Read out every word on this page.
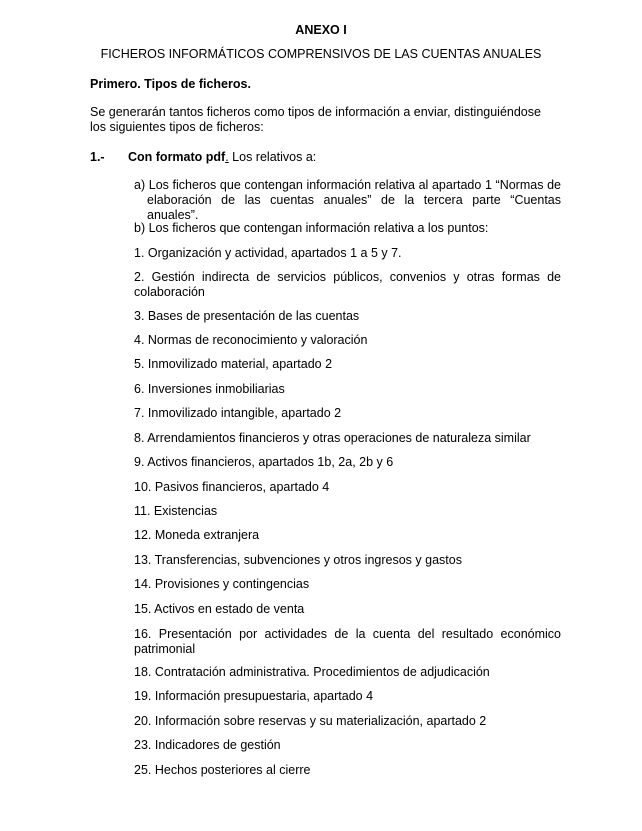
ANEXO I
FICHEROS INFORMÁTICOS COMPRENSIVOS DE LAS CUENTAS ANUALES
Primero. Tipos de ficheros.
Se generarán tantos ficheros como tipos de información a enviar, distinguiéndose los siguientes tipos de ficheros:
1.- Con formato pdf. Los relativos a:
a) Los ficheros que contengan información relativa al apartado 1 “Normas de elaboración de las cuentas anuales” de la tercera parte “Cuentas anuales”.
b) Los ficheros que contengan información relativa a los puntos:
1. Organización y actividad, apartados 1 a 5 y 7.
2. Gestión indirecta de servicios públicos, convenios y otras formas de colaboración
3. Bases de presentación de las cuentas
4. Normas de reconocimiento y valoración
5. Inmovilizado material, apartado 2
6. Inversiones inmobiliarias
7. Inmovilizado intangible, apartado 2
8. Arrendamientos financieros y otras operaciones de naturaleza similar
9. Activos financieros, apartados 1b, 2a, 2b y 6
10. Pasivos financieros, apartado 4
11. Existencias
12. Moneda extranjera
13. Transferencias, subvenciones y otros ingresos y gastos
14. Provisiones y contingencias
15. Activos en estado de venta
16. Presentación por actividades de la cuenta del resultado económico patrimonial
18. Contratación administrativa. Procedimientos de adjudicación
19. Información presupuestaria, apartado 4
20. Información sobre reservas y su materialización, apartado 2
23. Indicadores de gestión
25. Hechos posteriores al cierre
